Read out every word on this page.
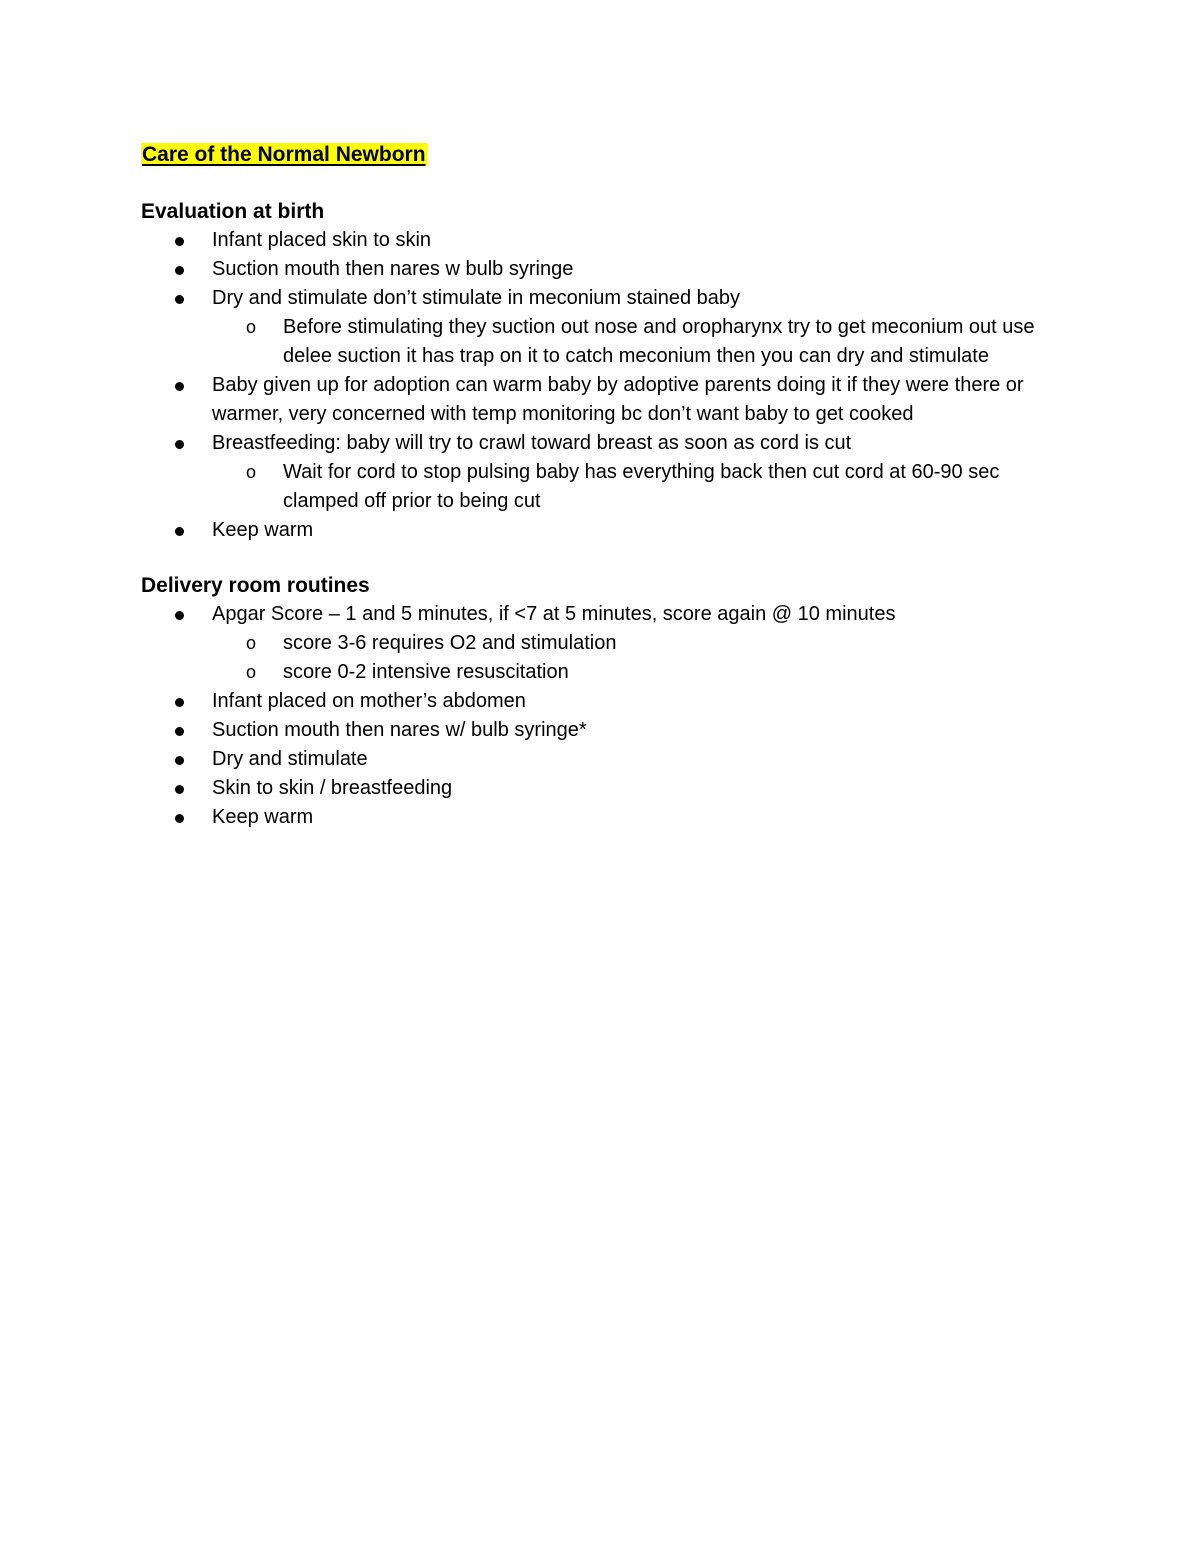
Care of the Normal Newborn
Evaluation at birth
Infant placed skin to skin
Suction mouth then nares w bulb syringe
Dry and stimulate don’t stimulate in meconium stained baby
o Before stimulating they suction out nose and oropharynx try to get meconium out use delee suction it has trap on it to catch meconium then you can dry and stimulate
Baby given up for adoption can warm baby by adoptive parents doing it if they were there or warmer, very concerned with temp monitoring bc don’t want baby to get cooked
Breastfeeding: baby will try to crawl toward breast as soon as cord is cut
o Wait for cord to stop pulsing baby has everything back then cut cord at 60-90 sec clamped off prior to being cut
Keep warm
Delivery room routines
Apgar Score – 1 and 5 minutes, if <7 at 5 minutes, score again @ 10 minutes
o score 3-6 requires O2 and stimulation
o score 0-2 intensive resuscitation
Infant placed on mother’s abdomen
Suction mouth then nares w/ bulb syringe*
Dry and stimulate
Skin to skin / breastfeeding
Keep warm
